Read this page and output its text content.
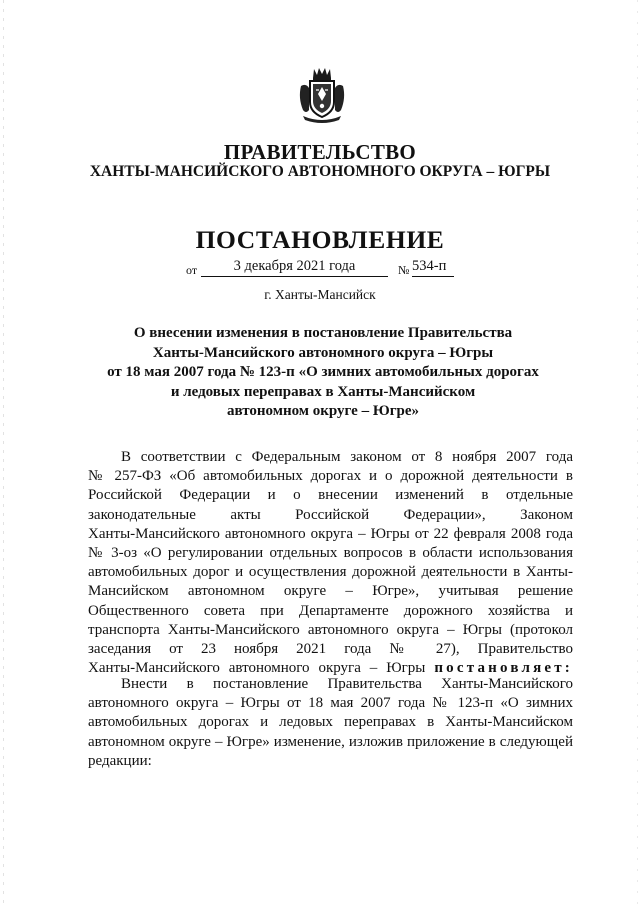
ПРАВИТЕЛЬСТВО
ХАНТЫ-МАНСИЙСКОГО АВТОНОМНОГО ОКРУГА – ЮГРЫ
ПОСТАНОВЛЕНИЕ
от	3 декабря 2021 года	№ 534-п
г. Ханты-Мансийск
О внесении изменения в постановление Правительства
Ханты-Мансийского автономного округа – Югры
от 18 мая 2007 года № 123-п «О зимних автомобильных дорогах
и ледовых переправах в Ханты-Мансийском
автономном округе – Югре»
В соответствии с Федеральным законом от 8 ноября 2007 года
№ 257-ФЗ «Об автомобильных дорогах и о дорожной деятельности в
Российской Федерации и о внесении изменений в отдельные
законодательные акты Российской Федерации», Законом
Ханты-Мансийского автономного округа – Югры от 22 февраля 2008 года
№ 3-оз «О регулировании отдельных вопросов в области использования
автомобильных дорог и осуществления дорожной деятельности в Ханты-
Мансийском автономном округе – Югре», учитывая решение
Общественного совета при Департаменте дорожного хозяйства и
транспорта Ханты-Мансийского автономного округа – Югры (протокол
заседания от 23 ноября 2021 года № 27), Правительство
Ханты-Мансийского автономного округа – Югры постановляет:
Внести в постановление Правительства Ханты-Мансийского
автономного округа – Югры от 18 мая 2007 года № 123-п «О зимних
автомобильных дорогах и ледовых переправах в Ханты-Мансийском
автономном округе – Югре» изменение, изложив приложение в следующей
редакции:
